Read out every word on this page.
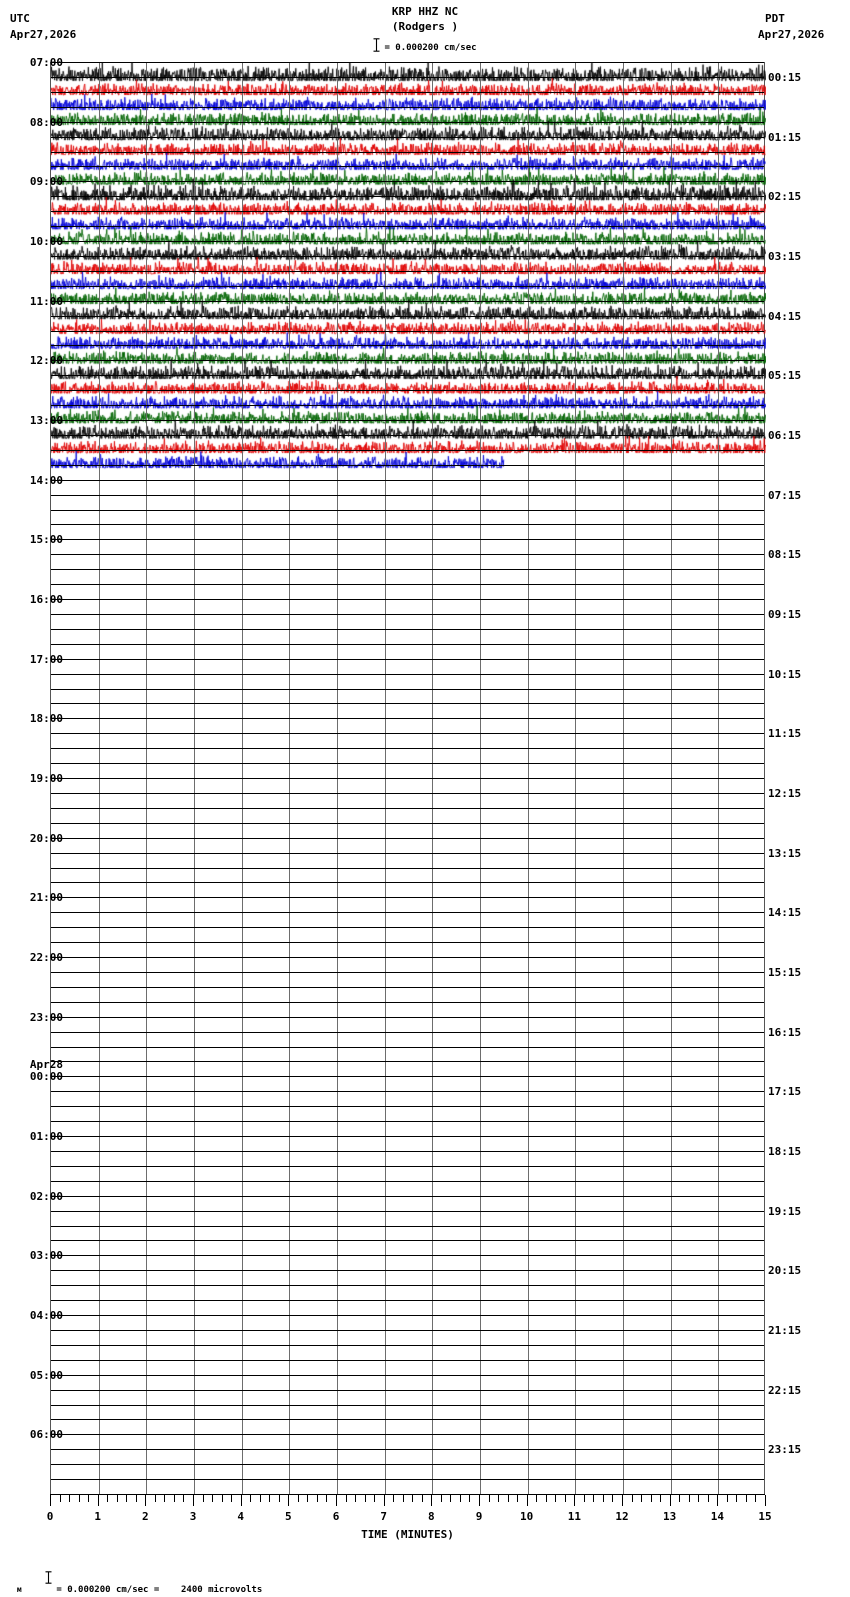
UTC
Apr27,2026
PDT
Apr27,2026
KRP HHZ NC
(Rodgers )
= 0.000200 cm/sec
07:00
08:00
09:00
10:00
11:00
12:00
13:00
14:00
15:00
16:00
17:00
18:00
19:00
20:00
21:00
22:00
23:00
00:00
01:00
02:00
03:00
04:00
05:00
06:00
Apr28
00:15
01:15
02:15
03:15
04:15
05:15
06:15
07:15
08:15
09:15
10:15
11:15
12:15
13:15
14:15
15:15
16:15
17:15
18:15
19:15
20:15
21:15
22:15
23:15
0	1	2	3	4	5	6	7	8	9	10	11	12	13	14	15
TIME (MINUTES)

м
	= 0.000200 cm/sec =    2400 microvolts
